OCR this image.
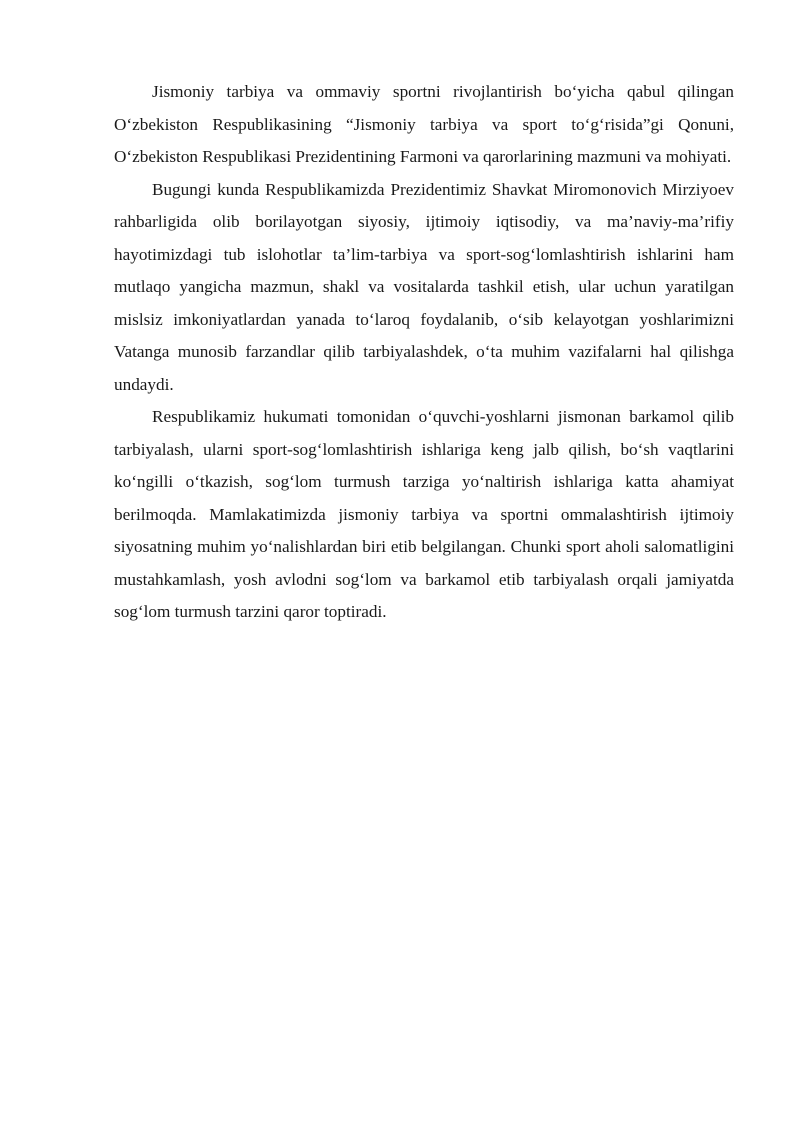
Jismoniy tarbiya va ommaviy sportni rivojlantirish bo‘yicha qabul qilingan O‘zbekiston Respublikasining “Jismoniy tarbiya va sport to‘g‘risida”gi Qonuni, O‘zbekiston Respublikasi Prezidentining Farmoni va qarorlarining mazmuni va mohiyati.

Bugungi kunda Respublikamizda Prezidentimiz Shavkat Miromonovich Mirziyoev rahbarligida olib borilayotgan siyosiy, ijtimoiy iqtisodiy, va ma’naviy-ma’rifiy hayotimizdagi tub islohotlar ta’lim-tarbiya va sport-sog‘lomlashtirish ishlarini ham mutlaqo yangicha mazmun, shakl va vositalarda tashkil etish, ular uchun yaratilgan mislsiz imkoniyatlardan yanada to‘laroq foydalanib, o‘sib kelayotgan yoshlarimizni Vatanga munosib farzandlar qilib tarbiyalashdek, o‘ta muhim vazifalarni hal qilishga undaydi.

Respublikamiz hukumati tomonidan o‘quvchi-yoshlarni jismonan barkamol qilib tarbiyalash, ularni sport-sog‘lomlashtirish ishlariga keng jalb qilish, bo‘sh vaqtlarini ko‘ngilli o‘tkazish, sog‘lom turmush tarziga yo‘naltirish ishlariga katta ahamiyat berilmoqda. Mamlakatimizda jismoniy tarbiya va sportni ommalashtirish ijtimoiy siyosatning muhim yo‘nalishlardan biri etib belgilangan. Chunki sport aholi salomatligini mustahkamlash, yosh avlodni sog‘lom va barkamol etib tarbiyalash orqali jamiyatda sog‘lom turmush tarzini qaror toptiradi.
